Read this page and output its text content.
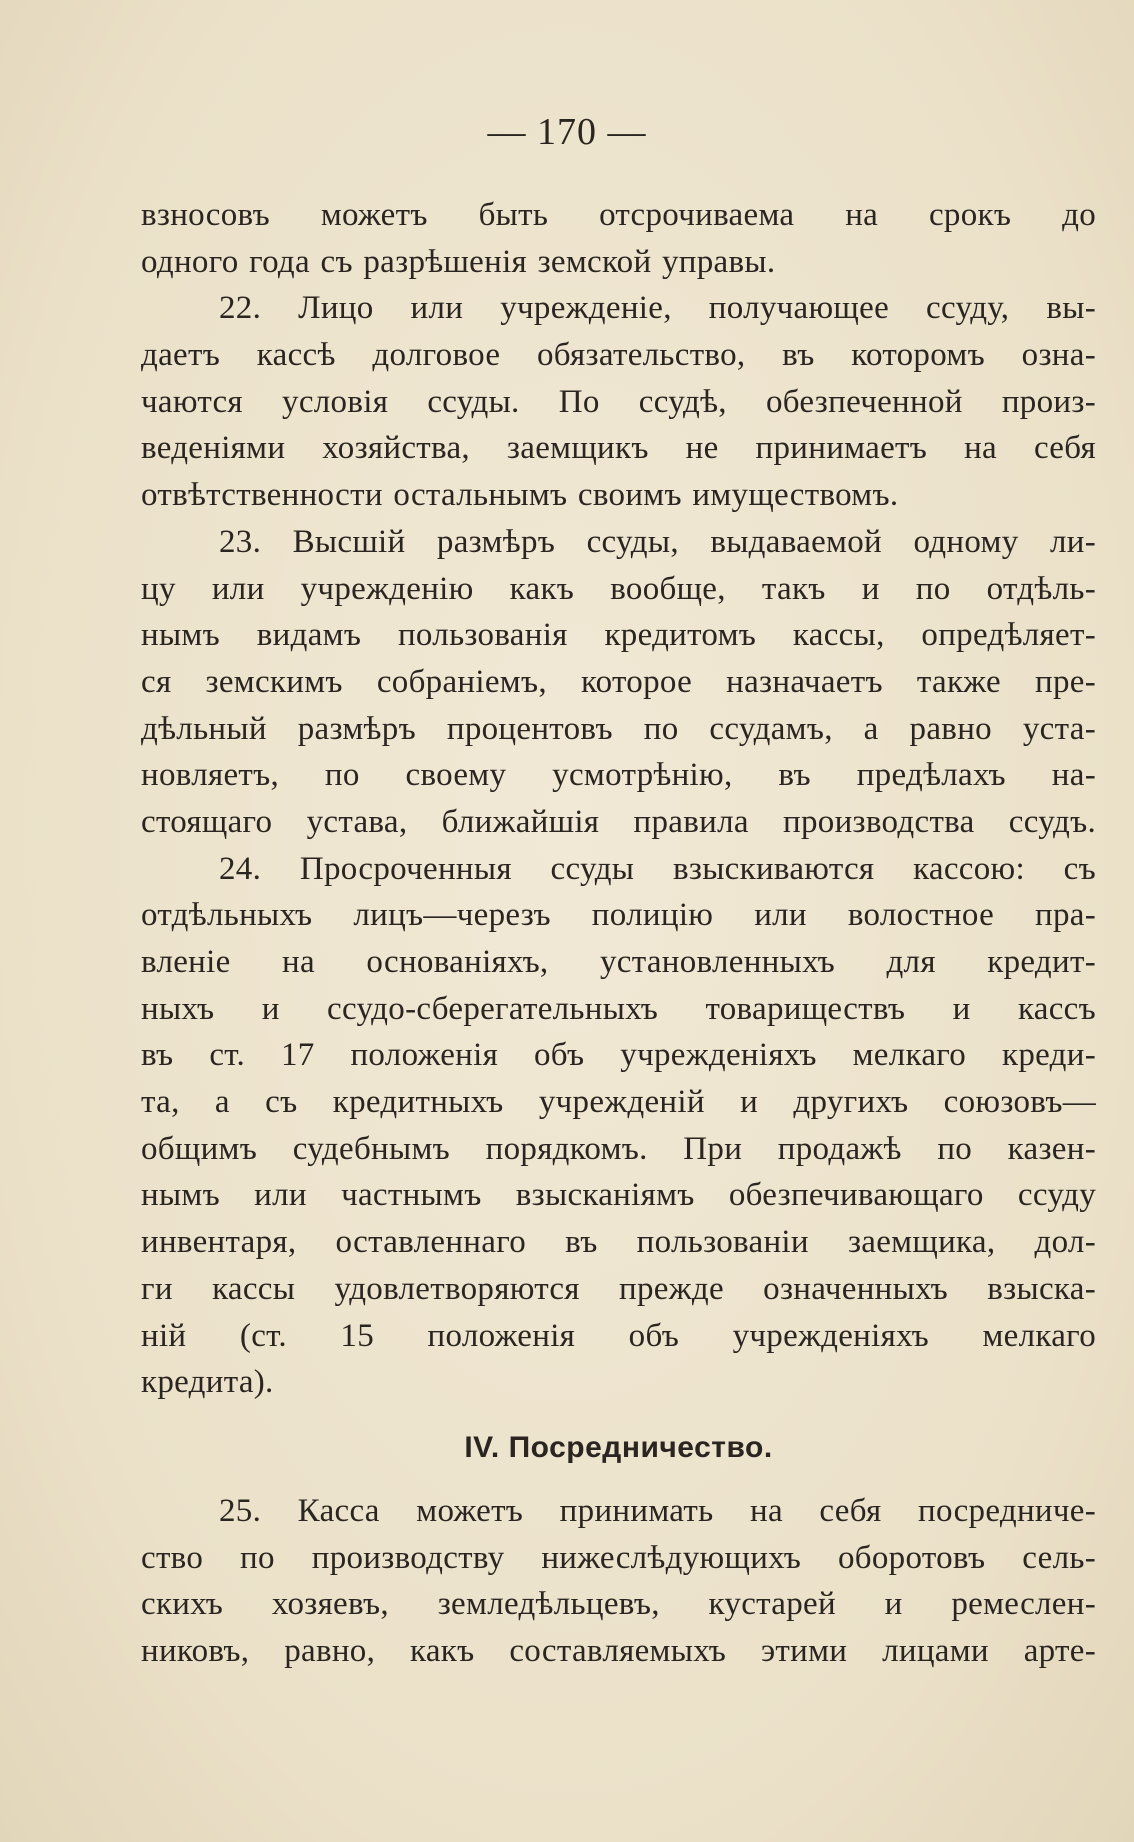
— 170 —
взносовъ можетъ быть отсрочиваема на срокъ до
одного года съ разрѣшенія земской управы.
22. Лицо или учрежденіе, получающее ссуду, вы-
даетъ кассѣ долговое обязательство, въ которомъ озна-
чаются условія ссуды. По ссудѣ, обезпеченной произ-
веденіями хозяйства, заемщикъ не принимаетъ на себя
отвѣтственности остальнымъ своимъ имуществомъ.
23. Высшій размѣръ ссуды, выдаваемой одному ли-
цу или учрежденію какъ вообще, такъ и по отдѣль-
нымъ видамъ пользованія кредитомъ кассы, опредѣляет-
ся земскимъ собраніемъ, которое назначаетъ также пре-
дѣльный размѣръ процентовъ по ссудамъ, а равно уста-
новляетъ, по своему усмотрѣнію, въ предѣлахъ на-
стоящаго устава, ближайшія правила производства ссудъ.
24. Просроченныя ссуды взыскиваются кассою: съ
отдѣльныхъ лицъ—черезъ полицію или волостное пра-
вленіе на основаніяхъ, установленныхъ для кредит-
ныхъ и ссудо-сберегательныхъ товариществъ и кассъ
въ ст. 17 положенія объ учрежденіяхъ мелкаго креди-
та, а съ кредитныхъ учрежденій и другихъ союзовъ—
общимъ судебнымъ порядкомъ. При продажѣ по казен-
нымъ или частнымъ взысканіямъ обезпечивающаго ссуду
инвентаря, оставленнаго въ пользованіи заемщика, дол-
ги кассы удовлетворяются прежде означенныхъ взыска-
ній (ст. 15 положенія объ учрежденіяхъ мелкаго
кредита).
IV. Посредничество.
25. Касса можетъ принимать на себя посредниче-
ство по производству нижеслѣдующихъ оборотовъ сель-
скихъ хозяевъ, земледѣльцевъ, кустарей и ремеслен-
никовъ, равно, какъ составляемыхъ этими лицами арте-
